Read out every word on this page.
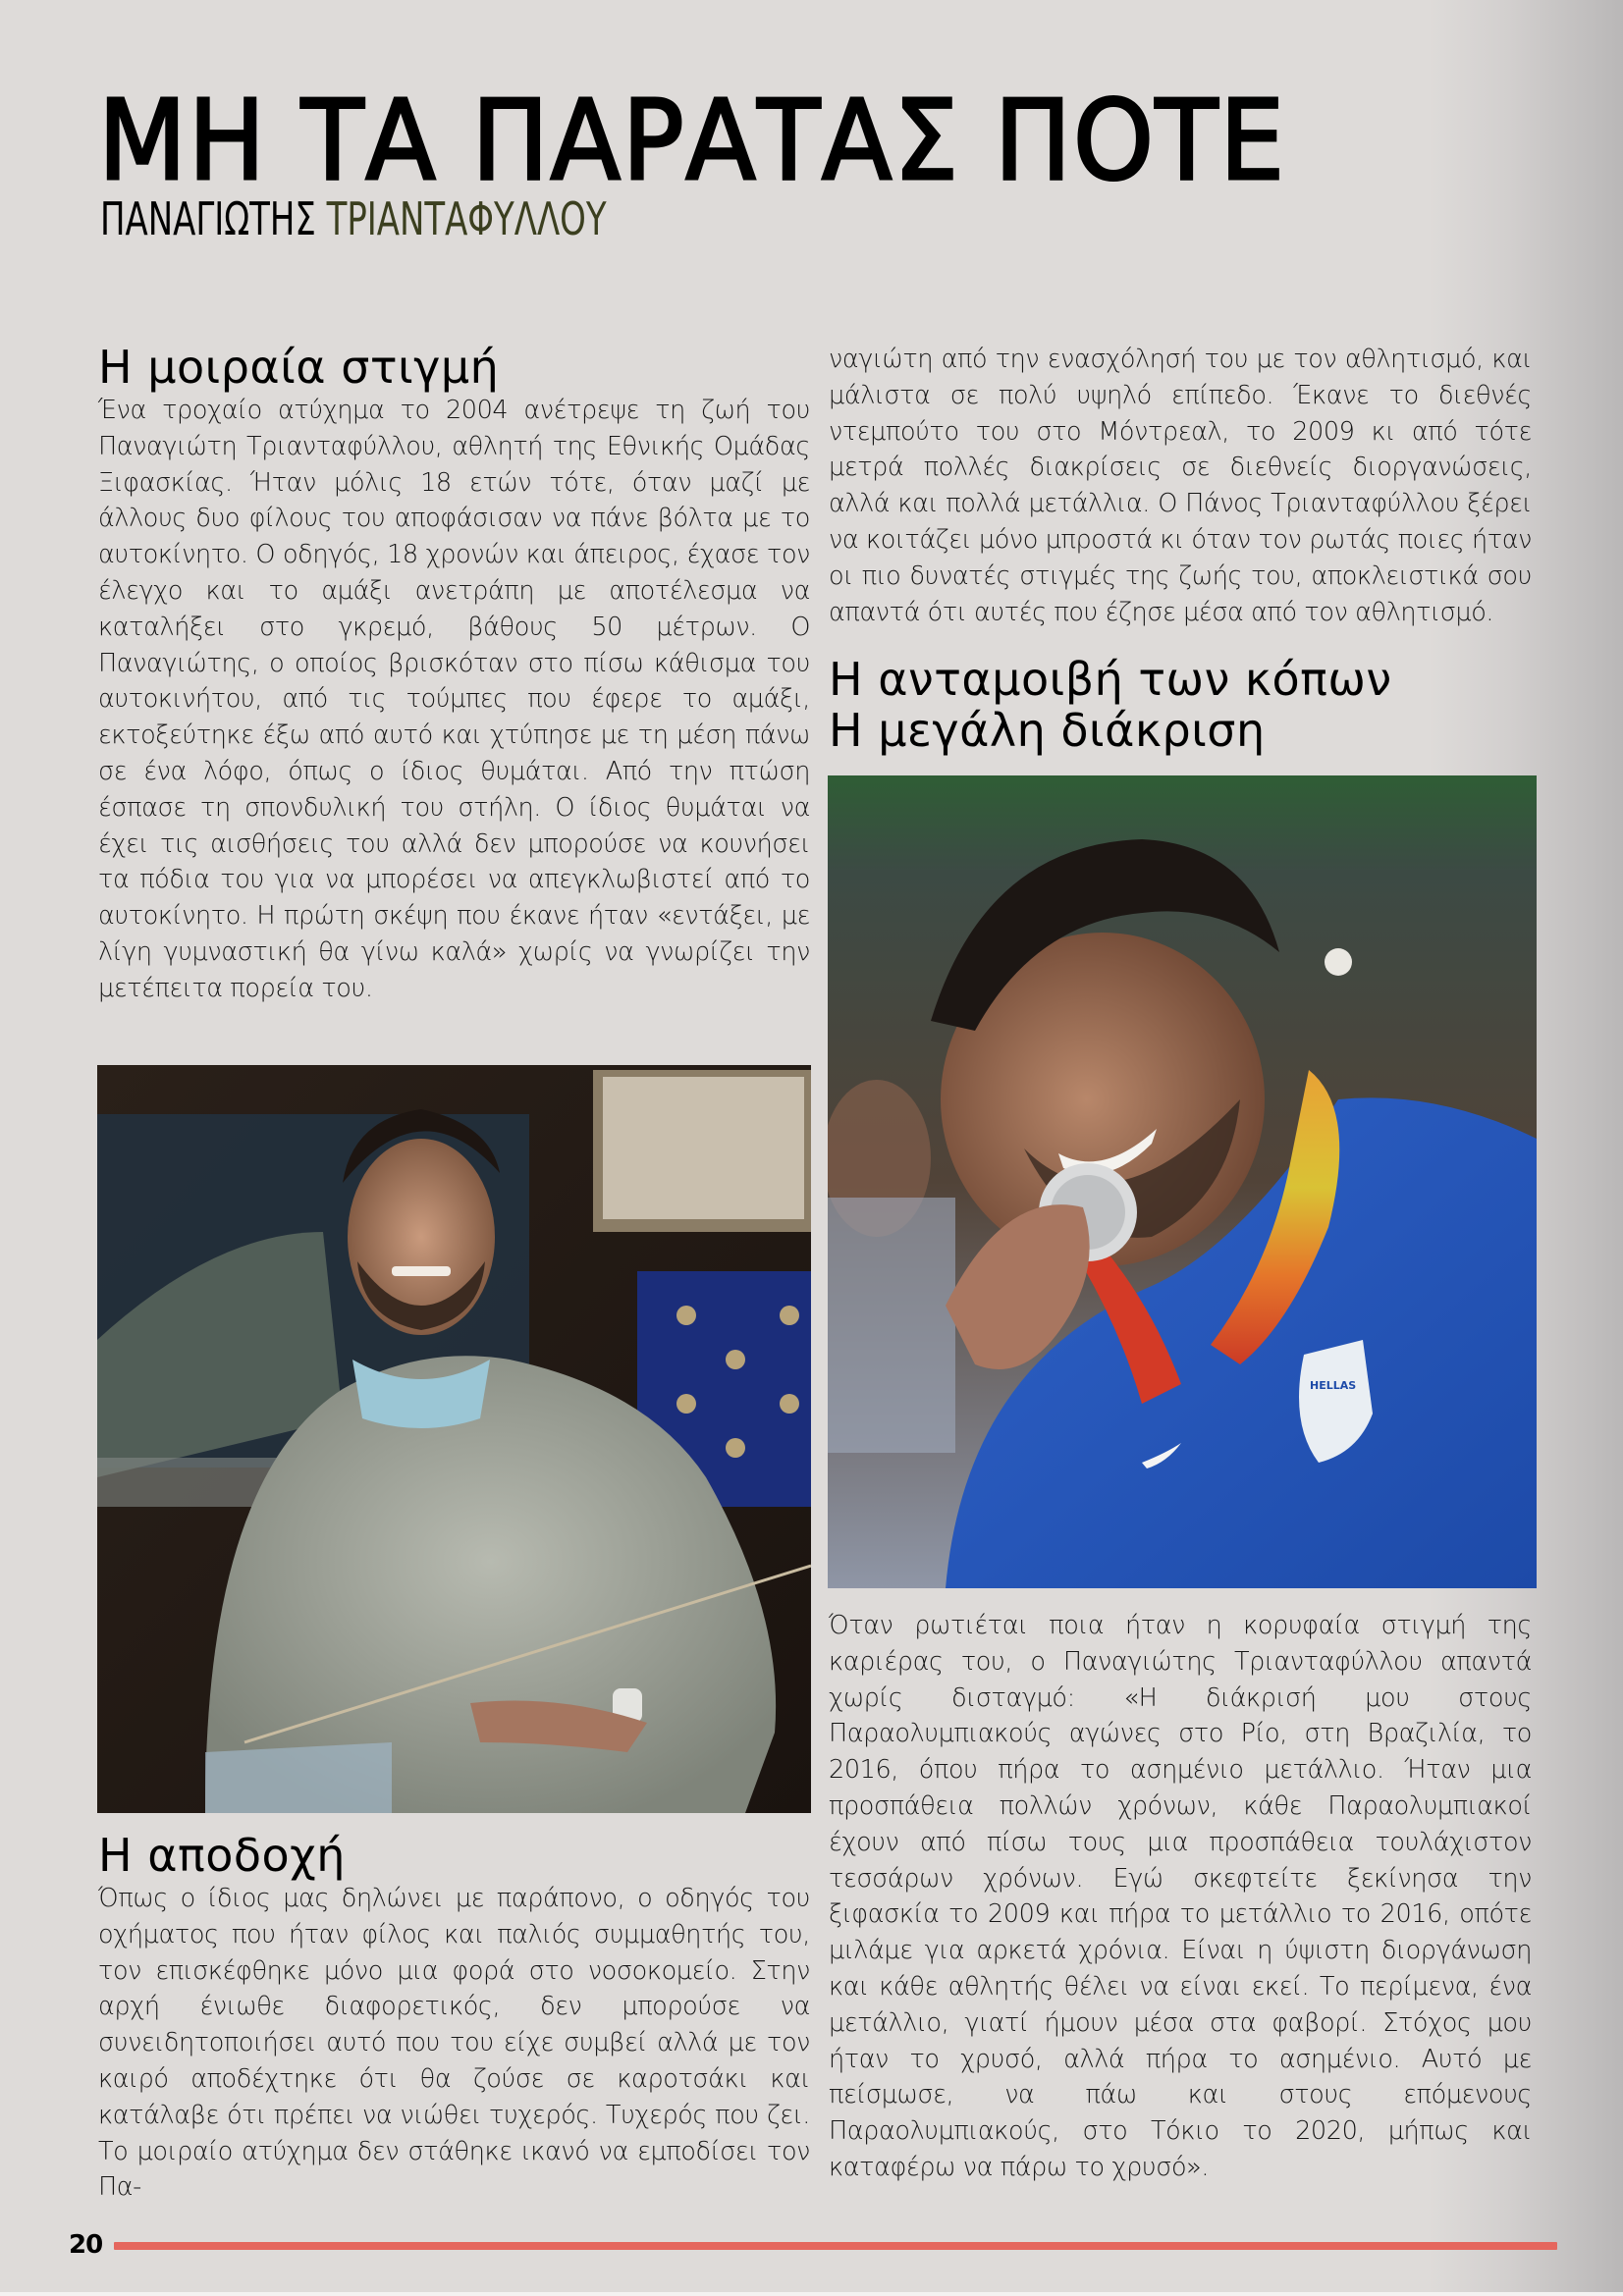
ΜΗ ΤΑ ΠΑΡΑΤΑΣ ΠΟΤΕ
ΠΑΝΑΓΙΩΤΗΣ ΤΡΙΑΝΤΑΦΥΛΛΟΥ
Η μοιραία στιγμή

Ένα τροχαίο ατύχημα το 2004 ανέτρεψε τη ζωή του Παναγιώτη Τριανταφύλλου, αθλητή της Εθνικής Ομάδας Ξιφασκίας. Ήταν μόλις 18 ετών τότε, όταν μαζί με άλλους δυο φίλους του αποφάσισαν να πάνε βόλτα με το αυτοκίνητο. Ο οδηγός, 18 χρονών και άπειρος, έχασε τον έλεγχο και το αμάξι ανετράπη με αποτέλεσμα να καταλήξει στο γκρεμό, βάθους 50 μέτρων. Ο Παναγιώτης, ο οποίος βρισκόταν στο πίσω κάθισμα του αυτοκινήτου, από τις τούμπες που έφερε το αμάξι, εκτοξεύτηκε έξω από αυτό και χτύπησε με τη μέση πάνω σε ένα λόφο, όπως ο ίδιος θυμάται. Από την πτώση έσπασε τη σπονδυλική του στήλη. Ο ίδιος θυμάται να έχει τις αισθήσεις του αλλά δεν μπορούσε να κουνήσει τα πόδια του για να μπορέσει να απεγκλωβιστεί από το αυτοκίνητο. Η πρώτη σκέψη που έκανε ήταν «εντάξει, με λίγη γυμναστική θα γίνω καλά» χωρίς να γνωρίζει την μετέπειτα πορεία του.

Η αποδοχή

Όπως ο ίδιος μας δηλώνει με παράπονο, ο οδηγός του οχήματος που ήταν φίλος και παλιός συμμαθητής του, τον επισκέφθηκε μόνο μια φορά στο νοσοκομείο. Στην αρχή ένιωθε διαφορετικός, δεν μπορούσε να συνειδητοποιήσει αυτό που του είχε συμβεί αλλά με τον καιρό αποδέχτηκε ότι θα ζούσε σε καροτσάκι και κατάλαβε ότι πρέπει να νιώθει τυχερός. Τυχερός που ζει. Το μοιραίο ατύχημα δεν στάθηκε ικανό να εμποδίσει τον Πα-

ναγιώτη από την ενασχόλησή του με τον αθλητισμό, και μάλιστα σε πολύ υψηλό επίπεδο. Έκανε το διεθνές ντεμπούτο του στο Μόντρεαλ, το 2009 κι από τότε μετρά πολλές διακρίσεις σε διεθνείς διοργανώσεις, αλλά και πολλά μετάλλια. Ο Πάνος Τριανταφύλλου ξέρει να κοιτάζει μόνο μπροστά κι όταν τον ρωτάς ποιες ήταν οι πιο δυνατές στιγμές της ζωής του, αποκλειστικά σου απαντά ότι αυτές που έζησε μέσα από τον αθλητισμό.

Η ανταμοιβή των κόπων
Η μεγάλη διάκριση
HELLAS

Όταν ρωτιέται ποια ήταν η κορυφαία στιγμή της καριέρας του, ο Παναγιώτης Τριανταφύλλου απαντά χωρίς δισταγμό: «Η διάκρισή μου στους Παραολυμπιακούς αγώνες στο Ρίο, στη Βραζιλία, το 2016, όπου πήρα το ασημένιο μετάλλιο. Ήταν μια προσπάθεια πολλών χρόνων, κάθε Παραολυμπιακοί έχουν από πίσω τους μια προσπάθεια τουλάχιστον τεσσάρων χρόνων. Εγώ σκεφτείτε ξεκίνησα την ξιφασκία το 2009 και πήρα το μετάλλιο το 2016, οπότε μιλάμε για αρκετά χρόνια. Είναι η ύψιστη διοργάνωση και κάθε αθλητής θέλει να είναι εκεί. Το περίμενα, ένα μετάλλιο, γιατί ήμουν μέσα στα φαβορί. Στόχος μου ήταν το χρυσό, αλλά πήρα το ασημένιο. Αυτό με πείσμωσε, να πάω και στους επόμενους Παραολυμπιακούς, στο Τόκιο το 2020, μήπως και καταφέρω να πάρω το χρυσό».

20
